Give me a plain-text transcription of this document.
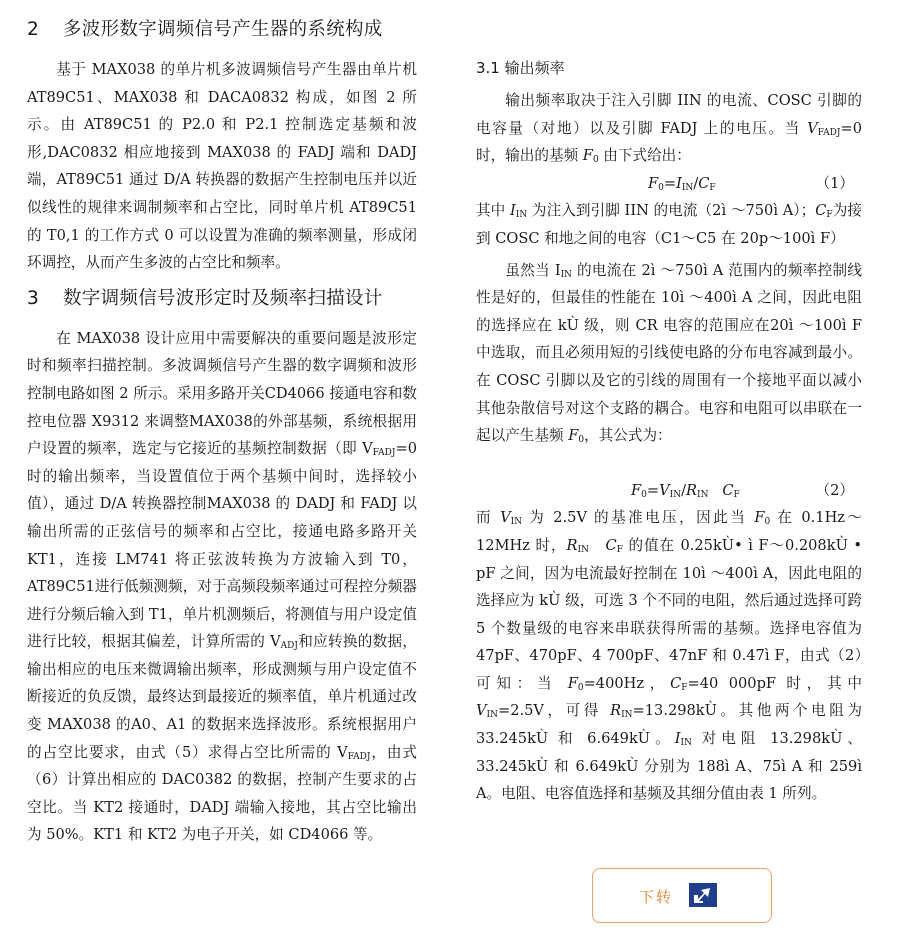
2 多波形数字调频信号产生器的系统构成

基于 MAX038 的单片机多波调频信号产生器由单片机 AT89C51、MAX038 和 DACA0832 构成，如图 2 所示。由 AT89C51 的 P2.0 和 P2.1 控制选定基频和波形,DAC0832 相应地接到 MAX038 的 FADJ 端和 DADJ 端，AT89C51 通过 D/A 转换器的数据产生控制电压并以近似线性的规律来调制频率和占空比，同时单片机 AT89C51 的 T0,1 的工作方式 0 可以设置为准确的频率测量，形成闭环调控，从而产生多波的占空比和频率。

3 数字调频信号波形定时及频率扫描设计

在 MAX038 设计应用中需要解决的重要问题是波形定时和频率扫描控制。多波调频信号产生器的数字调频和波形控制电路如图 2 所示。采用多路开关CD4066 接通电容和数控电位器 X9312 来调整MAX038的外部基频，系统根据用户设置的频率，选定与它接近的基频控制数据（即 $V_{FADJ}=0$ 时的输出频率，当设置值位于两个基频中间时，选择较小值），通过 D/A 转换器控制MAX038 的 DADJ 和 FADJ 以输出所需的正弦信号的频率和占空比，接通电路多路开关 KT1，连接 LM741 将正弦波转换为方波输入到 T0，AT89C51进行低频测频，对于高频段频率通过可程控分频器进行分频后输入到 T1，单片机测频后，将测值与用户设定值进行比较，根据其偏差，计算所需的 $V_{ADJ}$和应转换的数据，输出相应的电压来微调输出频率，形成测频与用户设定值不断接近的负反馈，最终达到最接近的频率值，单片机通过改变 MAX038 的A0、A1 的数据来选择波形。系统根据用户的占空比要求，由式（5）求得占空比所需的 $V_{FADJ}$，由式（6）计算出相应的 DAC0382 的数据，控制产生要求的占空比。当 KT2 接通时，DADJ 端输入接地，其占空比输出为 50%。KT1 和 KT2 为电子开关，如 CD4066 等。

3.1 输出频率

输出频率取决于注入引脚 IIN 的电流、COSC 引脚的电容量（对地）以及引脚 FADJ 上的电压。当 $V_{FADJ}=0$ 时，输出的基频 $F_0$ 由下式给出：

$F_0=I_{IN}/C_F$	（1）

其中 $I_{IN}$ 为注入到引脚 IIN 的电流（2ì ～750ì A）；$C_F$为接到 COSC 和地之间的电容（C1～C5 在 20p～100ì F）

虽然当 $I_{IN}$ 的电流在 2ì ～750ì A 范围内的频率控制线性是好的，但最佳的性能在 10ì ～400ì A 之间，因此电阻的选择应在 kÙ 级，则 CR 电容的范围应在20ì ～100ì F 中选取，而且必须用短的引线使电路的分布电容减到最小。在 COSC 引脚以及它的引线的周围有一个接地平面以减小其他杂散信号对这个支路的耦合。电容和电阻可以串联在一起以产生基频 $F_0$，其公式为：

$F_0=V_{IN}/R_{IN}$ $C_F$	（2）

而 $V_{IN}$ 为 2.5V 的基准电压，因此当 $F_0$ 在 0.1Hz～12MHz 时，$R_{IN}$ $C_F$ 的值在 0.25kÙ• ì F～0.208kÙ • pF 之间，因为电流最好控制在 10ì ～400ì A，因此电阻的选择应为 kÙ 级，可选 3 个不同的电阻，然后通过选择可跨 5 个数量级的电容来串联获得所需的基频。选择电容值为 47pF、470pF、4 700pF、47nF 和 0.47ì F，由式（2）可知：当 $F_0=400Hz$，$C_F=40$ 000pF 时，其中 $V_{IN}=2.5V$，可得 $R_{IN}=13.298kÙ$。其他两个电阻为 33.245kÙ 和 6.649kÙ。$I_{IN}$ 对电阻 13.298kÙ、33.245kÙ 和 6.649kÙ 分别为 188ì A、75ì A 和 259ì A。电阻、电容值选择和基频及其细分值由表 1 所列。

下转
